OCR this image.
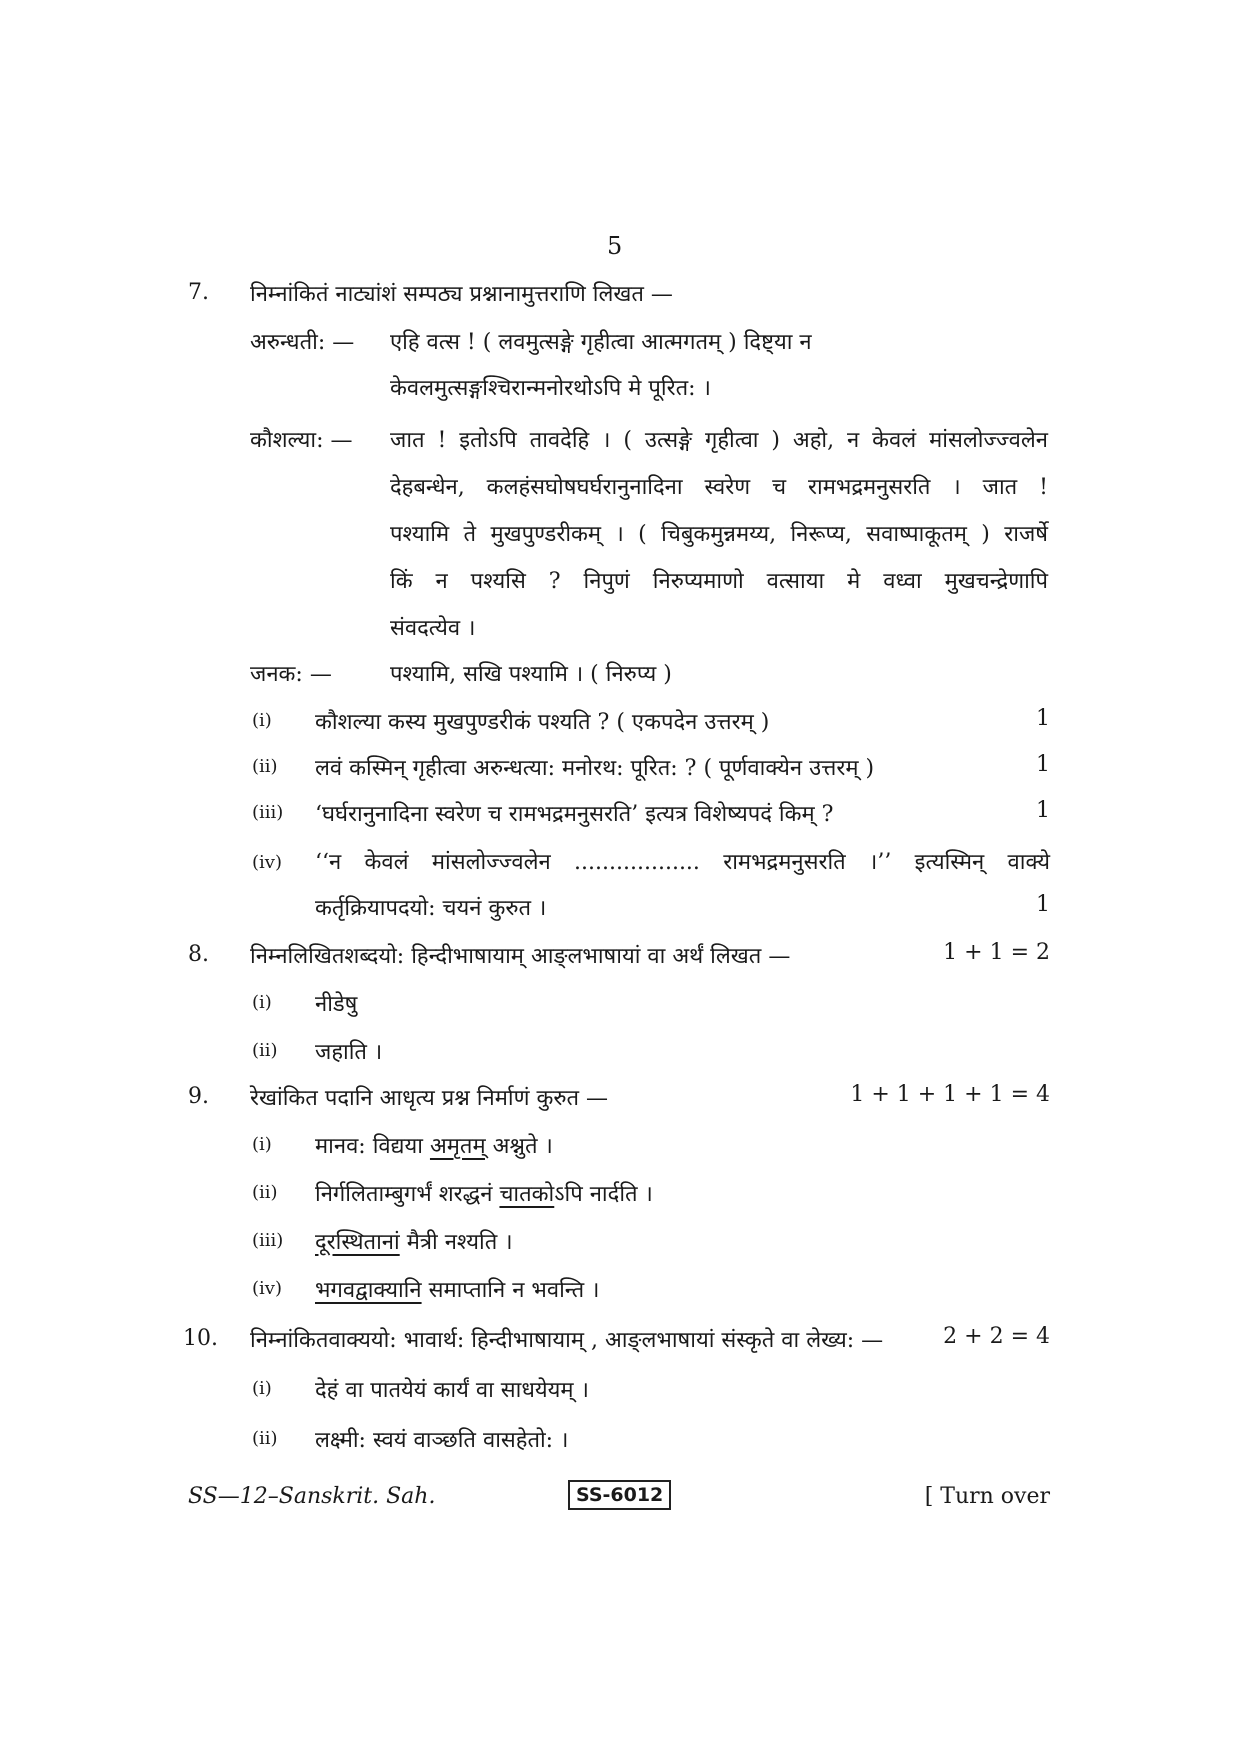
5
7. निम्नांकितं नाट्यांशं सम्पठ्य प्रश्नानामुत्तराणि लिखत —
अरुन्धती: — एहि वत्स ! ( लवमुत्सङ्गे गृहीत्वा आत्मगतम् ) दिष्ट्या न
केवलमुत्सङ्गश्चिरान्मनोरथोऽपि मे पूरित: ।
कौशल्या: — जात ! इतोऽपि तावदेहि । ( उत्सङ्गे गृहीत्वा ) अहो, न केवलं मांसलोज्ज्वलेन
देहबन्धेन, कलहंसघोषघर्घरानुनादिना स्वरेण च रामभद्रमनुसरति । जात !
पश्यामि ते मुखपुण्डरीकम् । ( चिबुकमुन्नमय्य, निरूप्य, सवाष्पाकूतम् ) राजर्षे
किं न पश्यसि ? निपुणं निरुप्यमाणो वत्साया मे वध्वा मुखचन्द्रेणापि
संवदत्येव ।
जनक: —	पश्यामि, सखि पश्यामि । ( निरुप्य )
(i) कौशल्या कस्य मुखपुण्डरीकं पश्यति ? ( एकपदेन उत्तरम् )	1
(ii) लवं कस्मिन् गृहीत्वा अरुन्धत्या: मनोरथ: पूरित: ? ( पूर्णवाक्येन उत्तरम् )	1
(iii) ‘घर्घरानुनादिना स्वरेण च रामभद्रमनुसरति’ इत्यत्र विशेष्यपदं किम् ?	1
(iv) ‘‘न केवलं मांसलोज्ज्वलेन .................. रामभद्रमनुसरति ।’’ इत्यस्मिन् वाक्ये
कर्तृक्रियापदयो: चयनं कुरुत ।	1
8. निम्नलिखितशब्दयो: हिन्दीभाषायाम् आङ्लभाषायां वा अर्थं लिखत —	1 + 1 = 2
(i) नीडेषु
(ii) जहाति ।
9. रेखांकित पदानि आधृत्य प्रश्न निर्माणं कुरुत —	1 + 1 + 1 + 1 = 4
(i) मानव: विद्यया अमृतम् अश्नुते ।
(ii) निर्गलिताम्बुगर्भं शरद्धनं चातकोऽपि नार्दति ।
(iii) दूरस्थितानां मैत्री नश्यति ।
(iv) भगवद्वाक्यानि समाप्तानि न भवन्ति ।
10. निम्नांकितवाक्ययो: भावार्थ: हिन्दीभाषायाम् , आङ्लभाषायां संस्कृते वा लेख्य: —	2 + 2 = 4
(i) देहं वा पातयेयं कार्यं वा साधयेयम् ।
(ii) लक्ष्मी: स्वयं वाञ्छति वासहेतो: ।
SS—12–Sanskrit. Sah.	SS-6012	[ Turn over
